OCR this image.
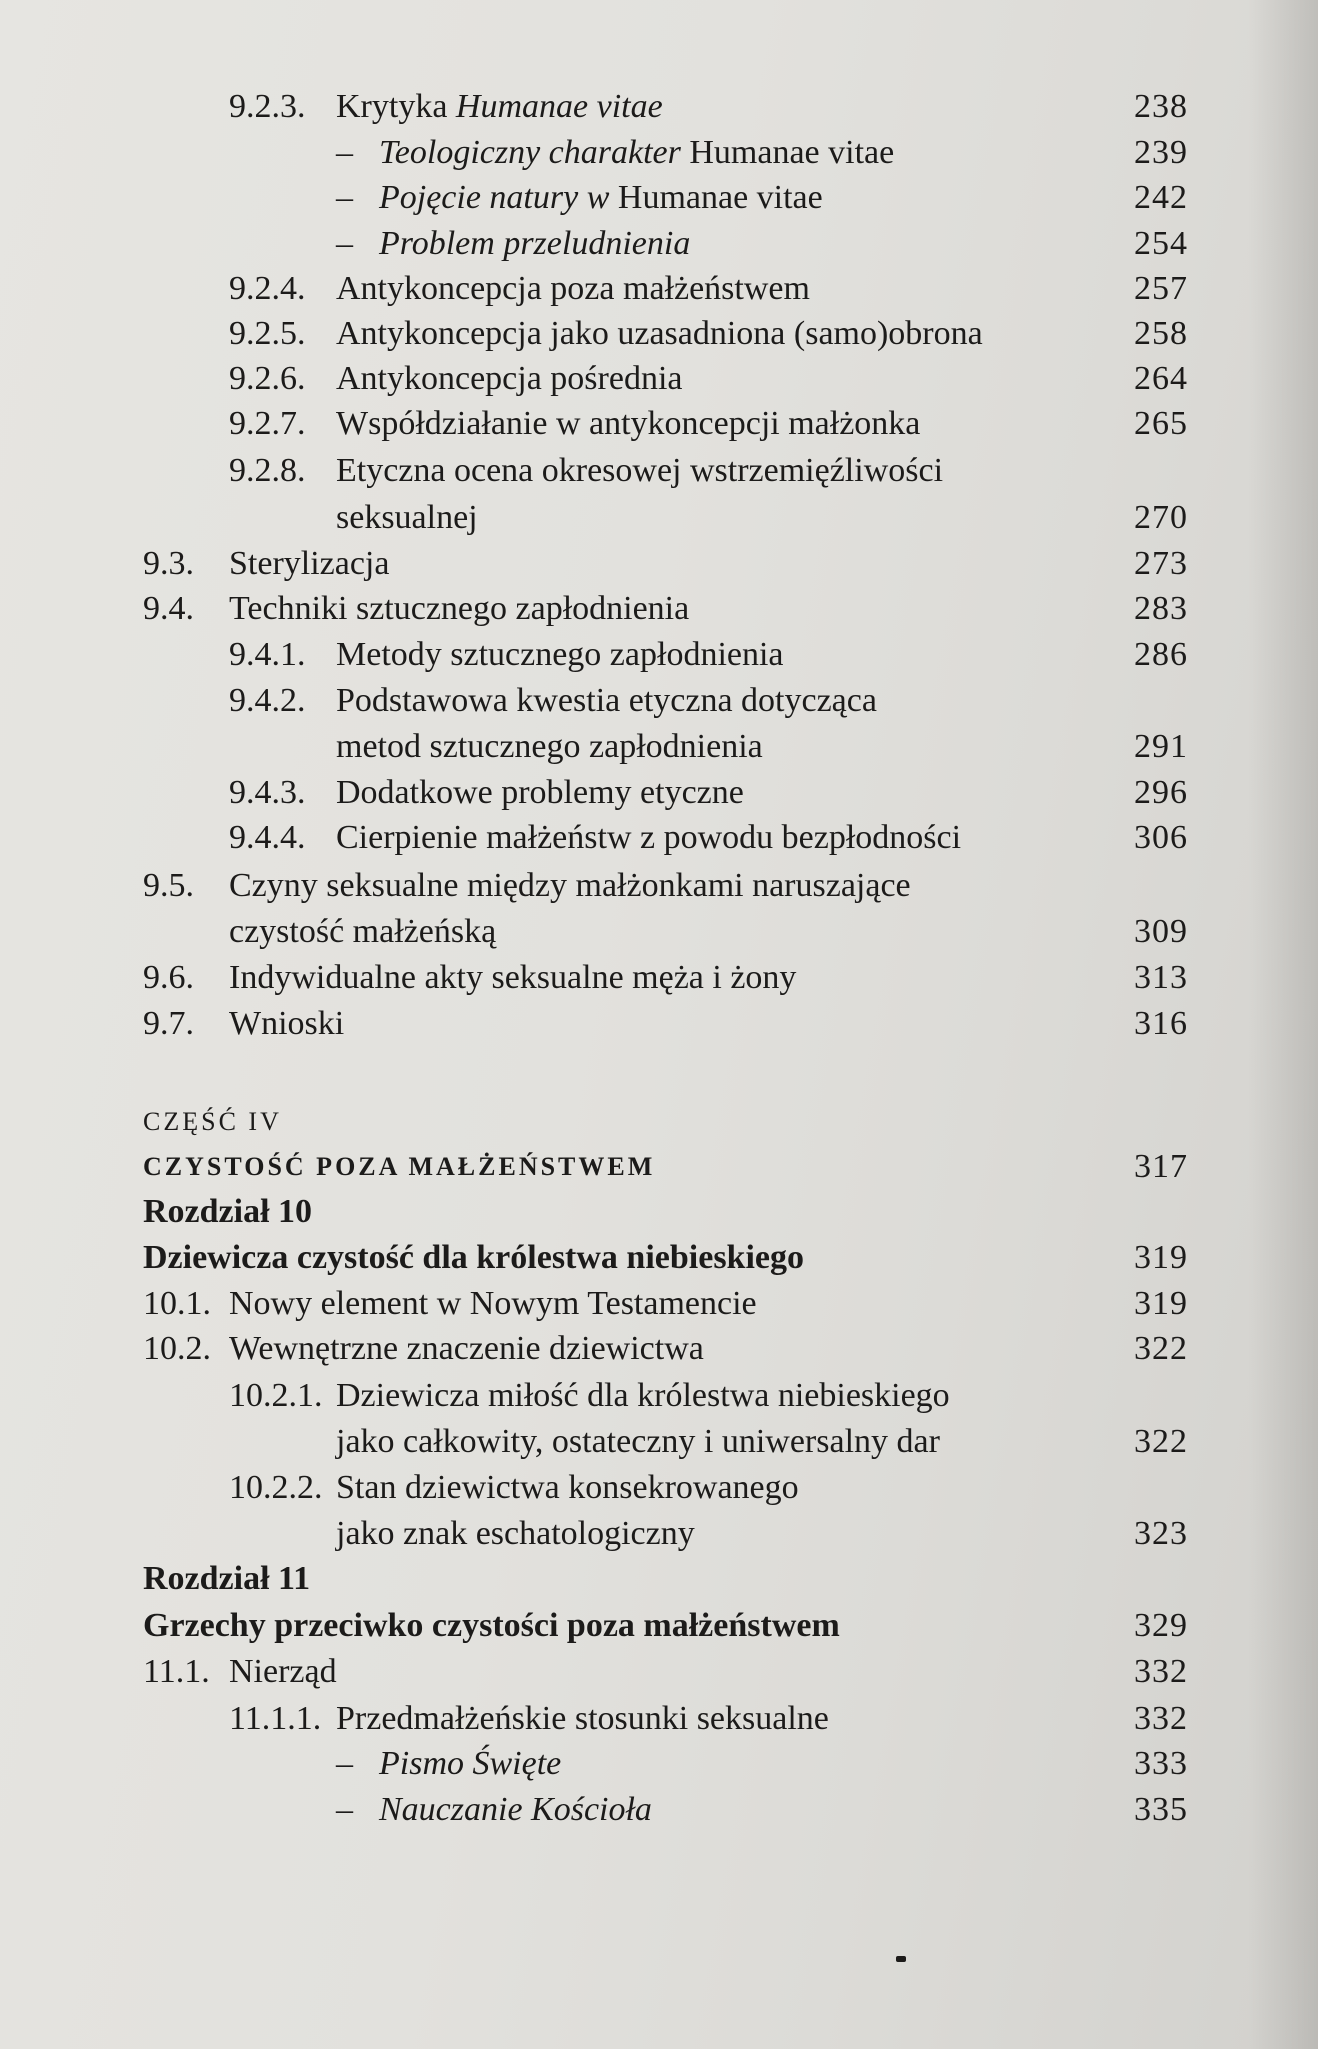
9.2.3. Krytyka Humanae vitae	238
– Teologiczny charakter Humanae vitae	239
– Pojęcie natury w Humanae vitae	242
– Problem przeludnienia	254
9.2.4. Antykoncepcja poza małżeństwem	257
9.2.5. Antykoncepcja jako uzasadniona (samo)obrona	258
9.2.6. Antykoncepcja pośrednia	264
9.2.7. Współdziałanie w antykoncepcji małżonka	265
9.2.8. Etyczna ocena okresowej wstrzemięźliwości
seksualnej	270
9.3. Sterylizacja	273
9.4. Techniki sztucznego zapłodnienia	283
9.4.1. Metody sztucznego zapłodnienia	286
9.4.2. Podstawowa kwestia etyczna dotycząca
metod sztucznego zapłodnienia	291
9.4.3. Dodatkowe problemy etyczne	296
9.4.4. Cierpienie małżeństw z powodu bezpłodności	306
9.5. Czyny seksualne między małżonkami naruszające
czystość małżeńską	309
9.6. Indywidualne akty seksualne męża i żony	313
9.7. Wnioski	316
CZĘŚĆ IV
CZYSTOŚĆ POZA MAŁŻEŃSTWEM	317
Rozdział 10
Dziewicza czystość dla królestwa niebieskiego	319
10.1. Nowy element w Nowym Testamencie	319
10.2. Wewnętrzne znaczenie dziewictwa	322
10.2.1. Dziewicza miłość dla królestwa niebieskiego
jako całkowity, ostateczny i uniwersalny dar	322
10.2.2. Stan dziewictwa konsekrowanego
jako znak eschatologiczny	323
Rozdział 11
Grzechy przeciwko czystości poza małżeństwem	329
11.1. Nierząd	332
11.1.1. Przedmałżeńskie stosunki seksualne	332
– Pismo Święte	333
– Nauczanie Kościoła	335
